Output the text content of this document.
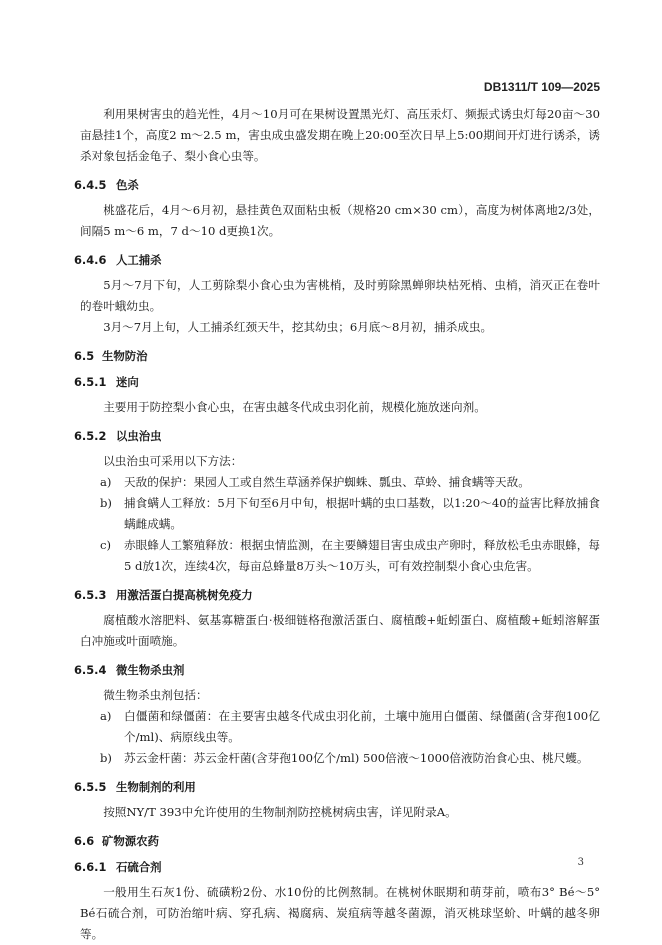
DB1311/T 109—2025

利用果树害虫的趋光性，4月～10月可在果树设置黑光灯、高压汞灯、频振式诱虫灯每20亩～30亩悬挂1个，高度2 m～2.5 m，害虫成虫盛发期在晚上20:00至次日早上5:00期间开灯进行诱杀，诱杀对象包括金龟子、梨小食心虫等。

6.4.5 色杀

桃盛花后，4月～6月初，悬挂黄色双面粘虫板（规格20 cm×30 cm），高度为树体离地2/3处，间隔5 m～6 m，7 d～10 d更换1次。

6.4.6 人工捕杀

5月～7月下旬，人工剪除梨小食心虫为害桃梢，及时剪除黑蝉卵块枯死梢、虫梢，消灭正在卷叶的卷叶蛾幼虫。

3月～7月上旬，人工捕杀红颈天牛，挖其幼虫；6月底～8月初，捕杀成虫。

6.5 生物防治
6.5.1 迷向

主要用于防控梨小食心虫，在害虫越冬代成虫羽化前，规模化施放迷向剂。

6.5.2 以虫治虫

以虫治虫可采用以下方法：

a) 天敌的保护：果园人工或自然生草涵养保护蜘蛛、瓢虫、草蛉、捕食螨等天敌。

b) 捕食螨人工释放：5月下旬至6月中旬，根据叶螨的虫口基数，以1:20～40的益害比释放捕食螨雌成螨。

c) 赤眼蜂人工繁殖释放：根据虫情监测，在主要鳞翅目害虫成虫产卵时，释放松毛虫赤眼蜂，每5 d放1次，连续4次，每亩总蜂量8万头～10万头，可有效控制梨小食心虫危害。

6.5.3 用激活蛋白提高桃树免疫力

腐植酸水溶肥料、氨基寡糖蛋白·极细链格孢激活蛋白、腐植酸+蚯蚓蛋白、腐植酸+蚯蚓溶解蛋白冲施或叶面喷施。

6.5.4 微生物杀虫剂

微生物杀虫剂包括：

a) 白僵菌和绿僵菌：在主要害虫越冬代成虫羽化前，土壤中施用白僵菌、绿僵菌(含芽孢100亿个/ml)、病原线虫等。

b) 苏云金杆菌：苏云金杆菌(含芽孢100亿个/ml) 500倍液～1000倍液防治食心虫、桃尺蠖。

6.5.5 生物制剂的利用

按照NY/T 393中允许使用的生物制剂防控桃树病虫害，详见附录A。

6.6 矿物源农药
6.6.1 石硫合剂

一般用生石灰1份、硫磺粉2份、水10份的比例熬制。在桃树休眠期和萌芽前，喷布3° Bé～5° Bé石硫合剂，可防治缩叶病、穿孔病、褐腐病、炭疽病等越冬菌源，消灭桃球坚蚧、叶螨的越冬卵等。

3
